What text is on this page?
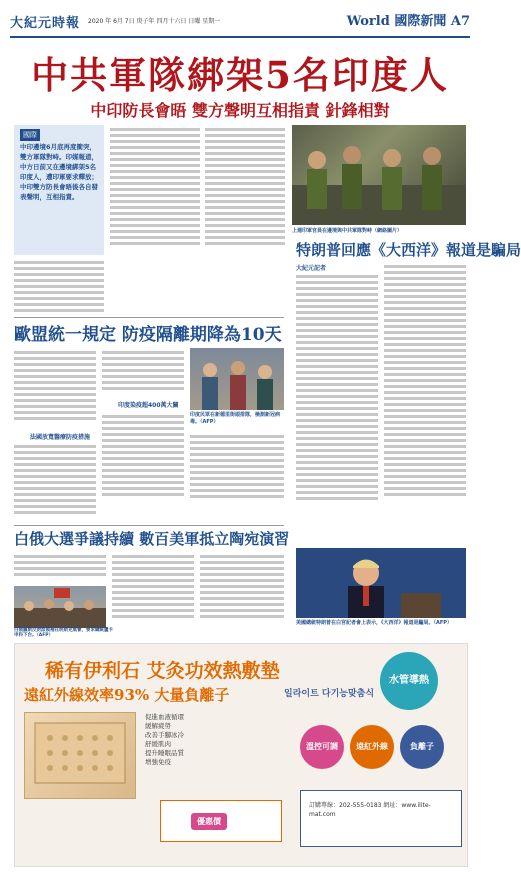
大紀元時報 2020 年 6月 7日 庚子年 四月十六日 日曜 星期一	World 國際新聞 A7
中共軍隊綁架5名印度人
中印防長會晤 雙方聲明互相指責 針鋒相對
國際
中印邊境6月底再度衝突，雙方軍隊對峙。印媒報道，中方日前又在邊境綁架5名印度人，遭印軍要求釋放；中印雙方防長會晤後各自發表聲明，互相指責。
上週印軍官員在邊境與中共軍隊對峙（網絡圖片）
歐盟統一規定 防疫隔離期降為10天
法國放寬醫療防疫措施
印度染疫超400萬大關
印度民眾在新德里街頭排隊，檢測新冠病毒。（AFP）
白俄大選爭議持續 數百美軍抵立陶宛演習
白俄羅斯反對派領袖在明斯克集會，要求總統盧卡申科下台。（AFP）
特朗普回應《大西洋》報道是騙局
大紀元記者
美國總統特朗普在白宮記者會上表示，《大西洋》報道是騙局。（AFP）
稀有伊利石 艾灸功效熱敷墊
遠紅外線效率93% 大量負離子	일라이트 다기능맞춤식
水管導熱
溫控可調 遠紅外線	負離子
促進血液循環
緩解疲勞
改善手腳冰冷
舒緩肌肉
提升睡眠品質
增強免疫
優惠價
訂購專線：202-555-0183 網址：www.ilite-mat.com
